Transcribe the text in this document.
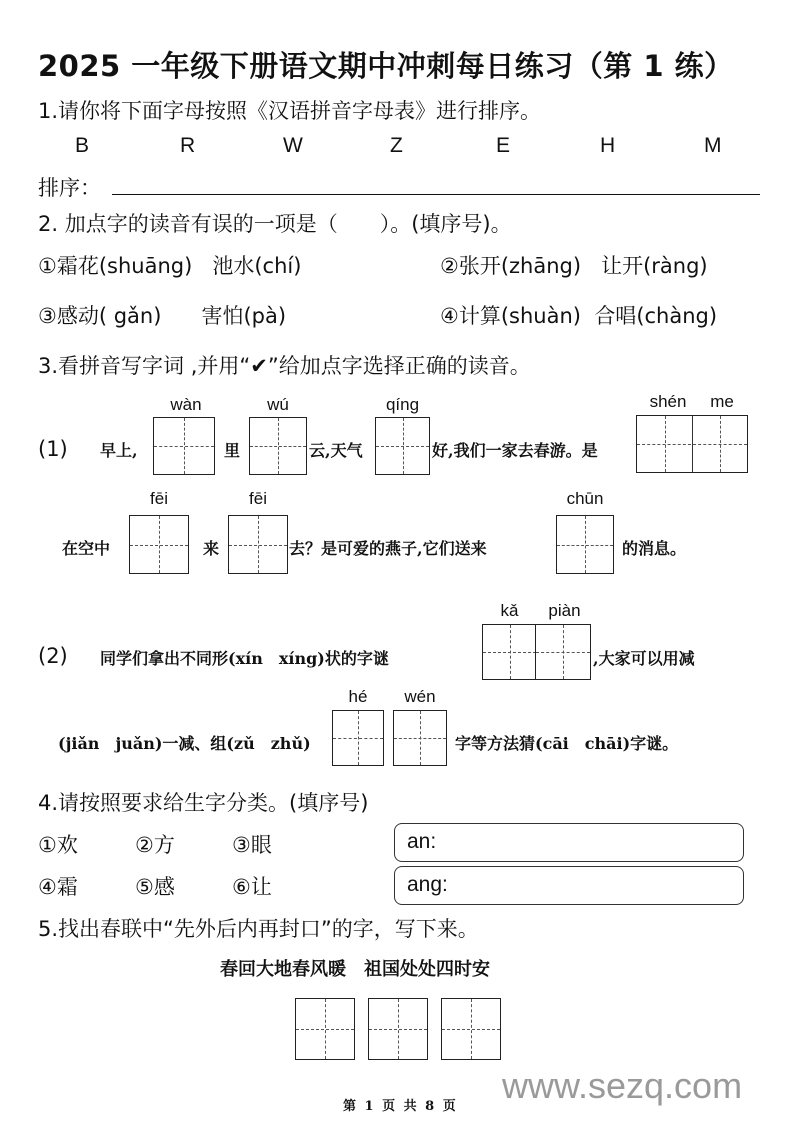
2025 一年级下册语文期中冲刺每日练习（第 1 练）
1.请你将下面字母按照《汉语拼音字母表》进行排序。
B	R	W	Z	E	H	M
排序：
2. 加点字的读音有误的一项是（　　）。(填序号)。
①霜花(shuāng) 池水(chí)	②张开(zhāng) 让开(ràng)
③感动( gǎn) 害怕(pà)	④计算(shuàn) 合唱(chàng)
3.看拼音写字词 ,并用“✔”给加点字选择正确的读音。
(1) 早上,
wàn
里
wú
云,天气
qíng
好,我们一家去春游。是
shén	me
fēi	fēi	chūn
在空中	来	去？是可爱的燕子,它们送来	的消息。
(2) 同学们拿出不同形(xín　xíng)状的字谜
kǎ	piàn
,大家可以用减
hé	wén
(jiǎn　juǎn)一减、组(zǔ　zhǔ)	字等方法猜(cāi　chāi)字谜。
4.请按照要求给生字分类。(填序号)
①欢	②方	③眼
④霜	⑤感	⑥让
an:
ang:
5.找出春联中“先外后内再封口”的字，写下来。
春回大地春风暖　祖国处处四时安
www.sezq.com
第 1 页 共 8 页
